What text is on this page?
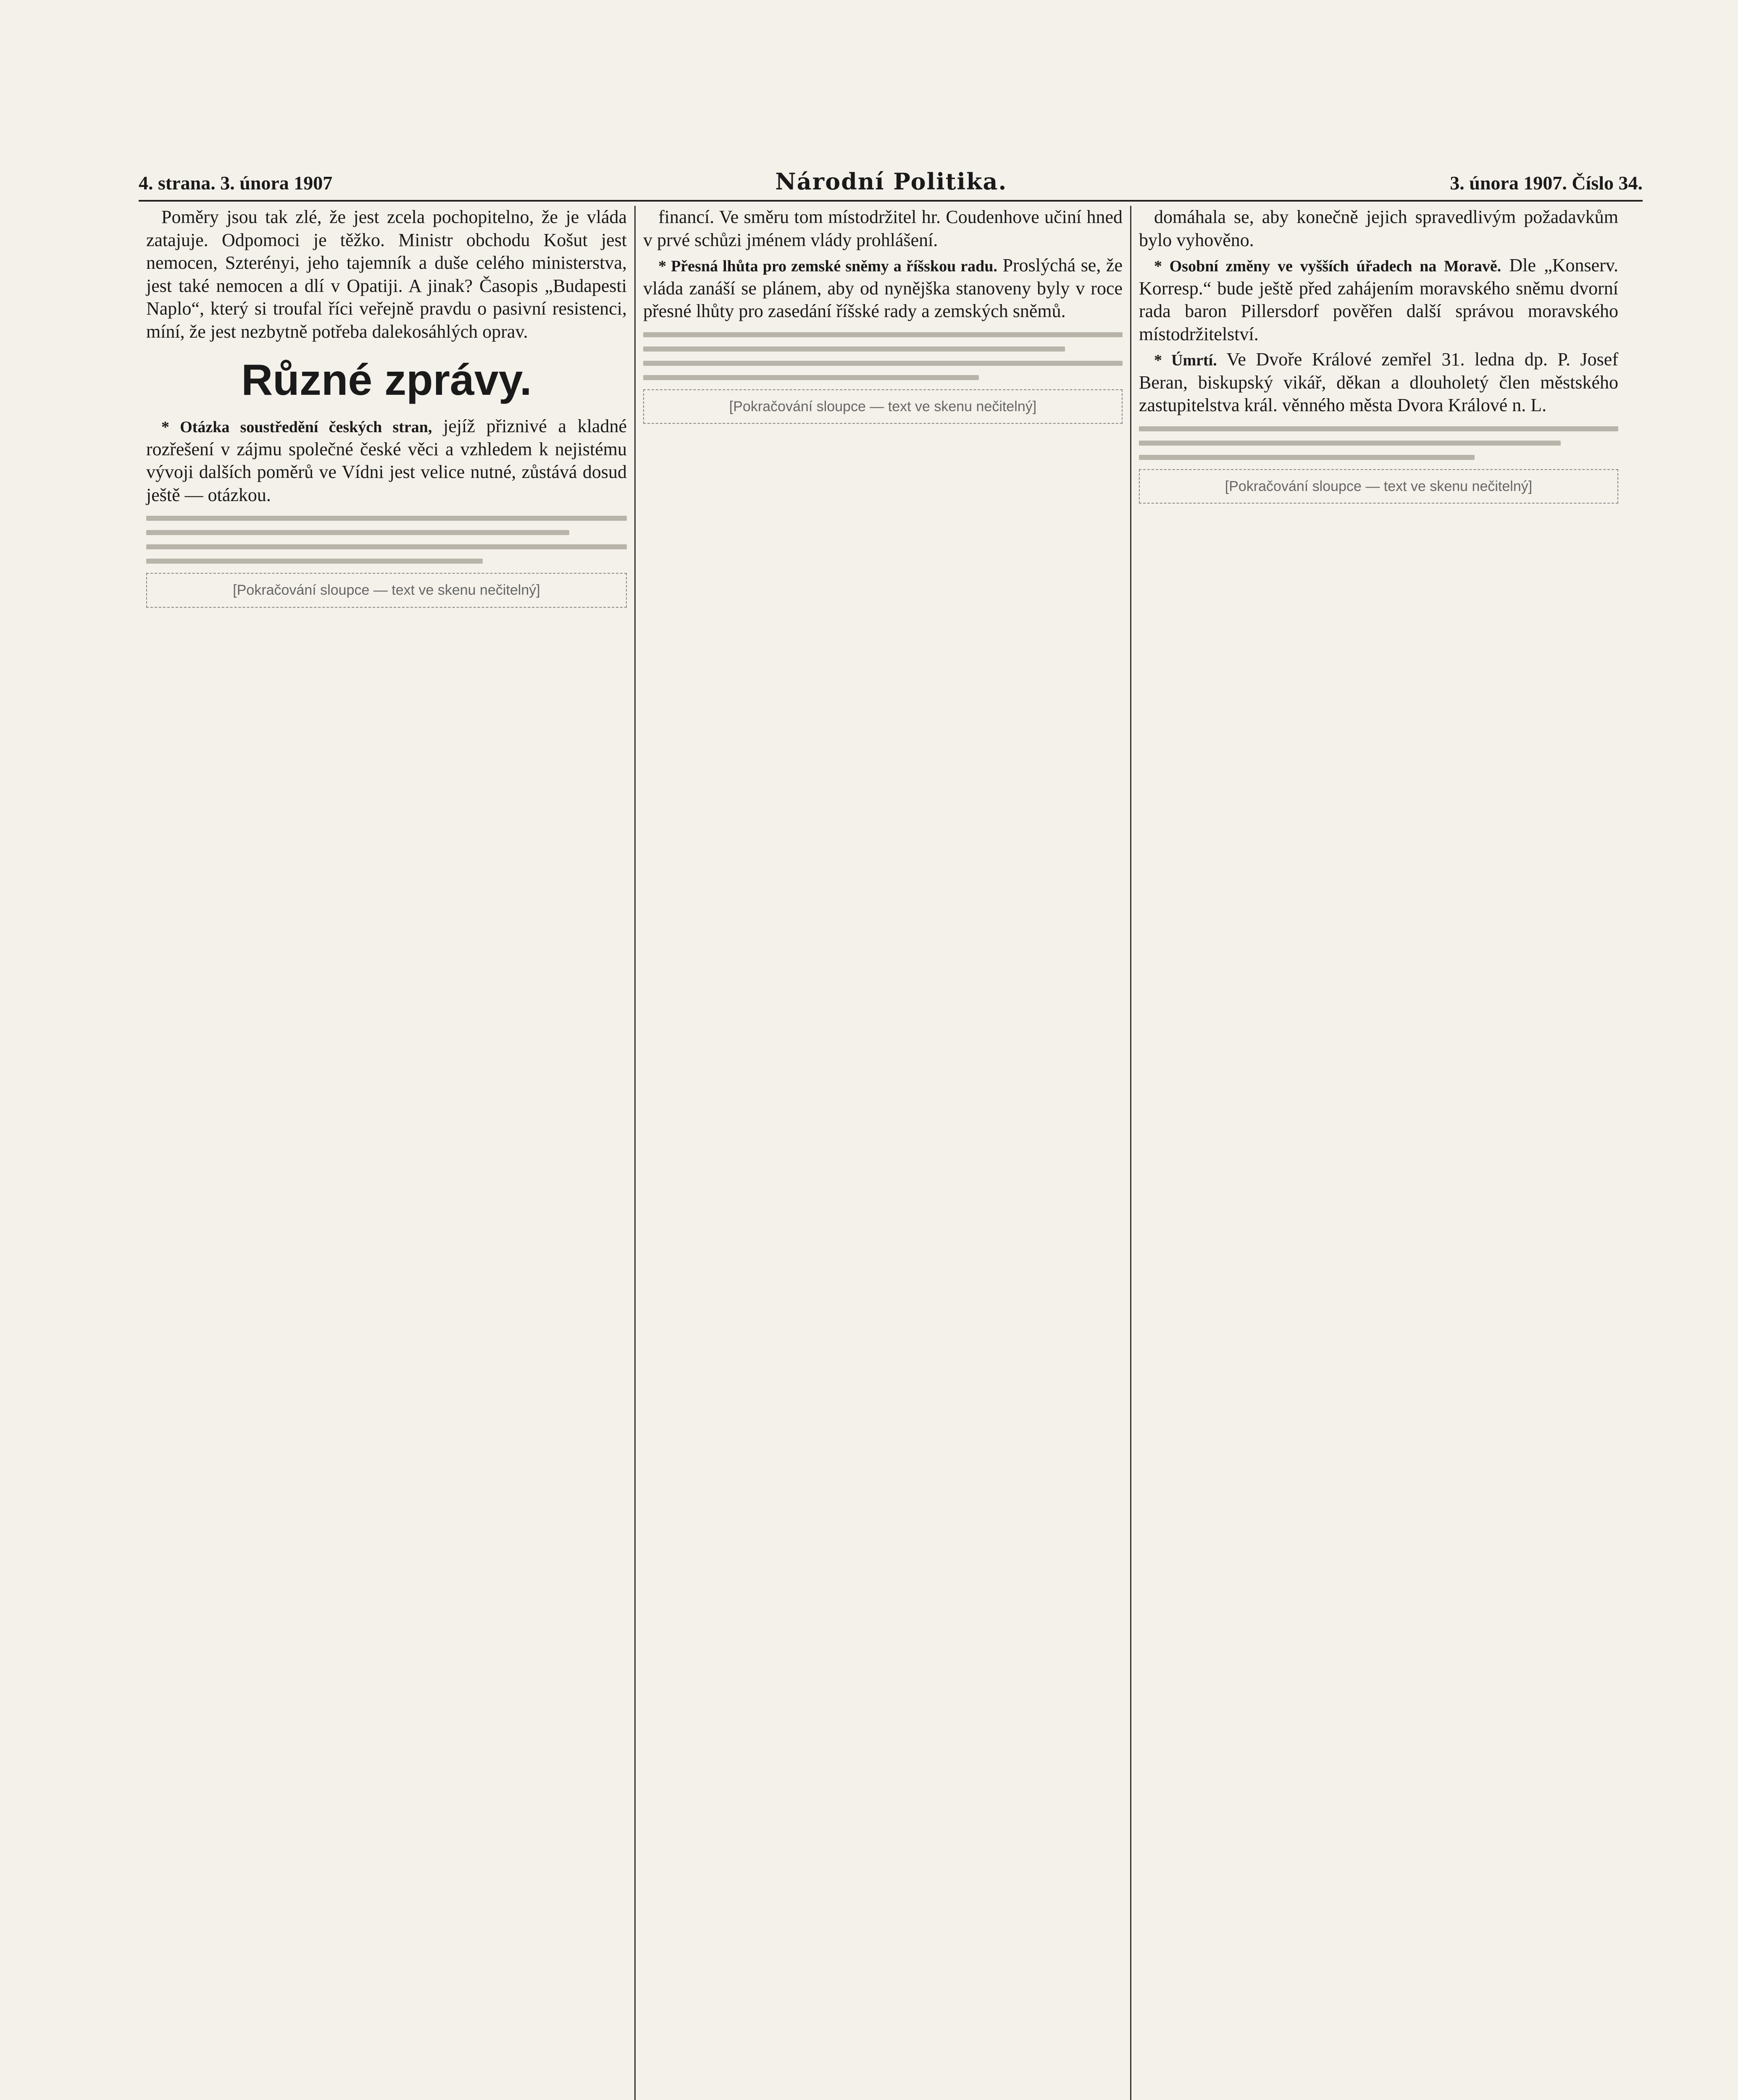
4. strana. 3. února 1907	Národní Politika.	3. února 1907. Číslo 34.

Poměry jsou tak zlé, že jest zcela pochopitelno, že je vláda zatajuje. Odpomoci je těžko. Ministr obchodu Košut jest nemocen, Szterényi, jeho tajemník a duše celého ministerstva, jest také nemocen a dlí v Opatiji. A jinak? Časopis „Budapesti Naplo“, který si troufal říci veřejně pravdu o pasivní resistenci, míní, že jest nezbytně potřeba dalekosáhlých oprav.

Různé zprávy.

* Otázka soustředění českých stran, jejíž přiznivé a kladné rozřešení v zájmu společné české věci a vzhledem k nejistému vývoji dalších poměrů ve Vídni jest velice nutné, zůstává dosud ještě — otázkou.

[Pokračování sloupce — text ve skenu nečitelný]

financí. Ve směru tom místodržitel hr. Coudenhove učiní hned v prvé schůzi jménem vlády prohlášení.

* Přesná lhůta pro zemské sněmy a říšskou radu. Proslýchá se, že vláda zanáší se plánem, aby od nynějška stanoveny byly v roce přesné lhůty pro zasedání říšské rady a zemských sněmů.

[Pokračování sloupce — text ve skenu nečitelný]

domáhala se, aby konečně jejich spravedlivým požadavkům bylo vyhověno.

* Osobní změny ve vyšších úřadech na Moravě. Dle „Konserv. Korresp.“ bude ještě před zahájením moravského sněmu dvorní rada baron Pillersdorf pověřen další správou moravského místodržitelství.

* Úmrtí. Ve Dvoře Králové zemřel 31. ledna dp. P. Josef Beran, biskupský vikář, děkan a dlouholetý člen městského zastupitelstva král. věnného města Dvora Králové n. L.

[Pokračování sloupce — text ve skenu nečitelný]
